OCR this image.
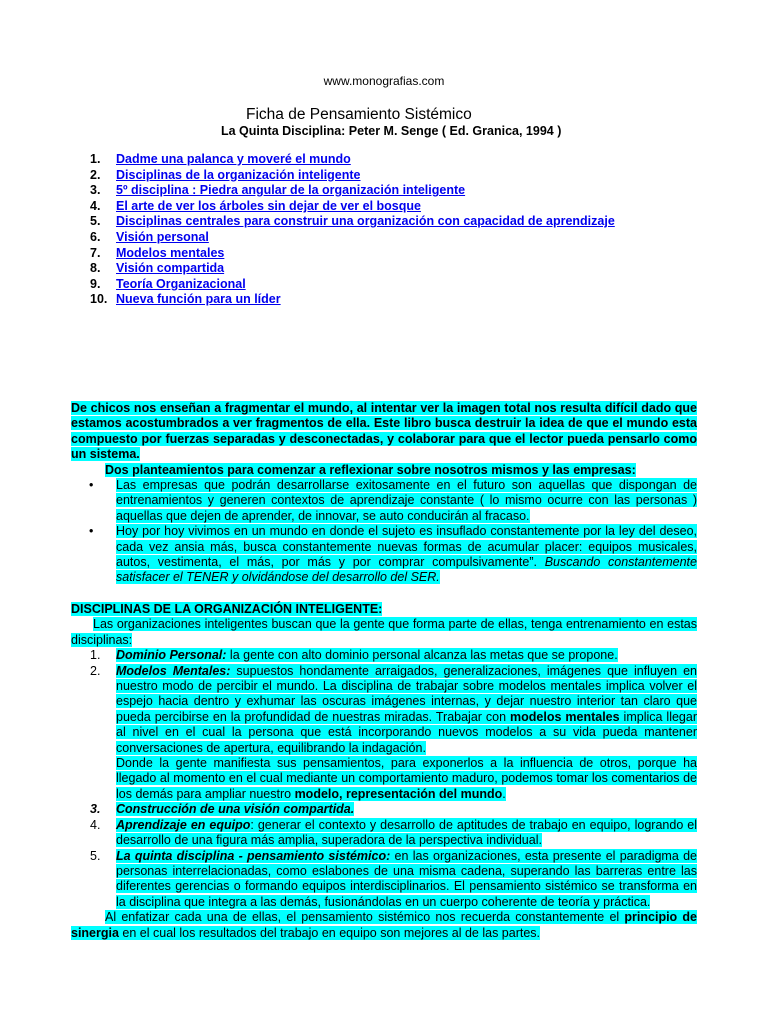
www.monografias.com
Ficha de Pensamiento Sistémico
La Quinta Disciplina: Peter M. Senge ( Ed. Granica, 1994 )
1.	Dadme una palanca y moveré el mundo
2.	Disciplinas de la organización inteligente
3.	5º disciplina : Piedra angular de la organización inteligente
4.	El arte de ver los árboles sin dejar de ver el bosque
5.	Disciplinas centrales para construir una organización con capacidad de aprendizaje
6.	Visión personal
7.	Modelos mentales
8.	Visión compartida
9.	Teoría Organizacional
10. Nueva función para un líder
De chicos nos enseñan a fragmentar el mundo, al intentar ver la imagen total nos resulta difícil dado que estamos acostumbrados a ver fragmentos de ella. Este libro busca destruir la idea de que el mundo esta compuesto por fuerzas separadas y desconectadas, y colaborar para que el lector pueda pensarlo como un sistema.
Dos planteamientos para comenzar a reflexionar sobre nosotros mismos y las empresas:
•	Las empresas que podrán desarrollarse exitosamente en el futuro son aquellas que dispongan de entrenamientos y generen contextos de aprendizaje constante ( lo mismo ocurre con las personas ) aquellas que dejen de aprender, de innovar, se auto conducirán al fracaso.
•	Hoy por hoy vivimos en un mundo en donde el sujeto es insuflado constantemente por la ley del deseo, cada vez ansia más, busca constantemente nuevas formas de acumular placer: equipos musicales, autos, vestimenta, el más, por más y por comprar compulsivamente”. Buscando constantemente satisfacer el TENER y olvidándose del desarrollo del SER.
DISCIPLINAS DE LA ORGANIZACIÓN INTELIGENTE:
Las organizaciones inteligentes buscan que la gente que forma parte de ellas, tenga entrenamiento en estas disciplinas:
1.	Dominio Personal: la gente con alto dominio personal alcanza las metas que se propone.
2.	Modelos Mentales: supuestos hondamente arraigados, generalizaciones, imágenes que influyen en nuestro modo de percibir el mundo. La disciplina de trabajar sobre modelos mentales implica volver el espejo hacia dentro y exhumar las oscuras imágenes internas, y dejar nuestro interior tan claro que pueda percibirse en la profundidad de nuestras miradas. Trabajar con modelos mentales implica llegar al nivel en el cual la persona que está incorporando nuevos modelos a su vida pueda mantener conversaciones de apertura, equilibrando la indagación.
Donde la gente manifiesta sus pensamientos, para exponerlos a la influencia de otros, porque ha llegado al momento en el cual mediante un comportamiento maduro, podemos tomar los comentarios de los demás para ampliar nuestro modelo, representación del mundo.
3.	Construcción de una visión compartida.
4.	Aprendizaje en equipo: generar el contexto y desarrollo de aptitudes de trabajo en equipo, logrando el desarrollo de una figura más amplia, superadora de la perspectiva individual.
5.	La quinta disciplina - pensamiento sistémico: en las organizaciones, esta presente el paradigma de personas interrelacionadas, como eslabones de una misma cadena, superando las barreras entre las diferentes gerencias o formando equipos interdisciplinarios. El pensamiento sistémico se transforma en la disciplina que integra a las demás, fusionándolas en un cuerpo coherente de teoría y práctica.
Al enfatizar cada una de ellas, el pensamiento sistémico nos recuerda constantemente el principio de sinergia en el cual los resultados del trabajo en equipo son mejores al de las partes.
